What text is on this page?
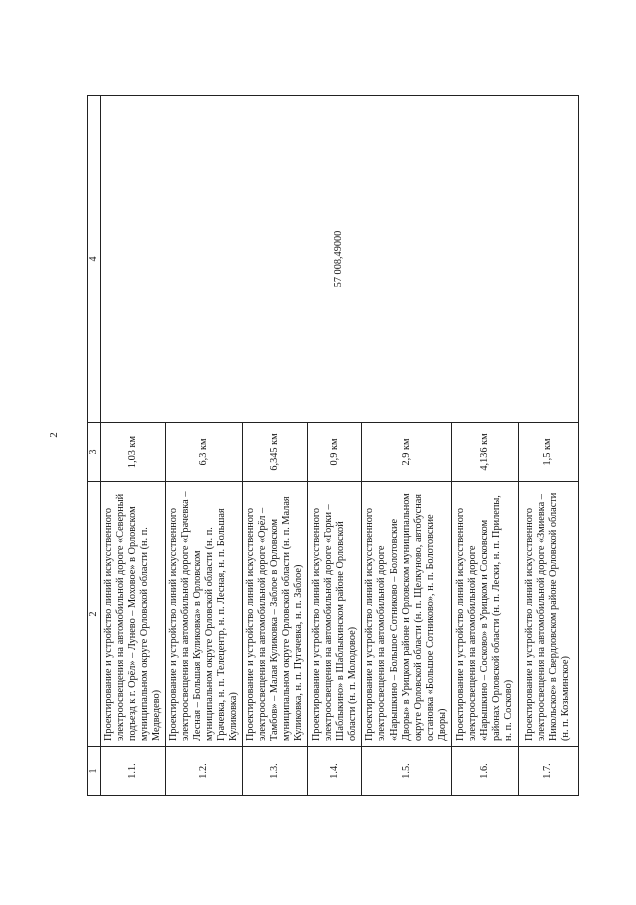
2
1	2	3	4
1.1.	Проектирование и устройство линий искусственного электроосвещения на автомобильной дороге «Северный подъезд к г. Орёл» – Лунево – Моховое» в Орловском муниципальном округе Орловской области (н. п. Медведево)	1,03 км	57 008,49000
1.2.	Проектирование и устройство линий искусственного электроосвещения на автомобильной дороге «Грачевка – Лесная – Большая Куликовка» в Орловском муниципальном округе Орловской области (н. п. Грачевка, н. п. Телецентр, н. п. Лесная, н. п. Большая Куликовка)	6,3 км	
1.3.	Проектирование и устройство линий искусственного электроосвещения на автомобильной дороге «Орёл – Тамбов» – Малая Куликовка – Заблое в Орловском муниципальном округе Орловской области (н. п. Малая Куликовка, н. п. Пугачевка, н. п. Заблое)	6,345 км	
1.4.	Проектирование и устройство линий искусственного электроосвещения на автомобильной дороге «Горки – Шаблыкино» в Шаблыкинском районе Орловской области (н. п. Молодовое)	0,9 км	
1.5.	Проектирование и устройство линий искусственного электроосвещения на автомобильной дороге «Нарышкино – Большое Сотниково – Болотовские Дворы» в Урицком районе и Орловском муниципальном округе Орловской области (н. п. Щелкуново, автобусная остановка «Большое Сотниково», н. п. Болотовские Дворы)	2,9 км	
1.6.	Проектирование и устройство линий искусственного электроосвещения на автомобильной дороге «Нарышкино – Сосково» в Урицком и Сосковском районах Орловской области (н. п. Лески, н. п. Прилепы, н. п. Сосково)	4,136 км	
1.7.	Проектирование и устройство линий искусственного электроосвещения на автомобильной дороге «Змиевка – Никольское» в Свердловском районе Орловской области (н. п. Козьминское)	1,5 км	
